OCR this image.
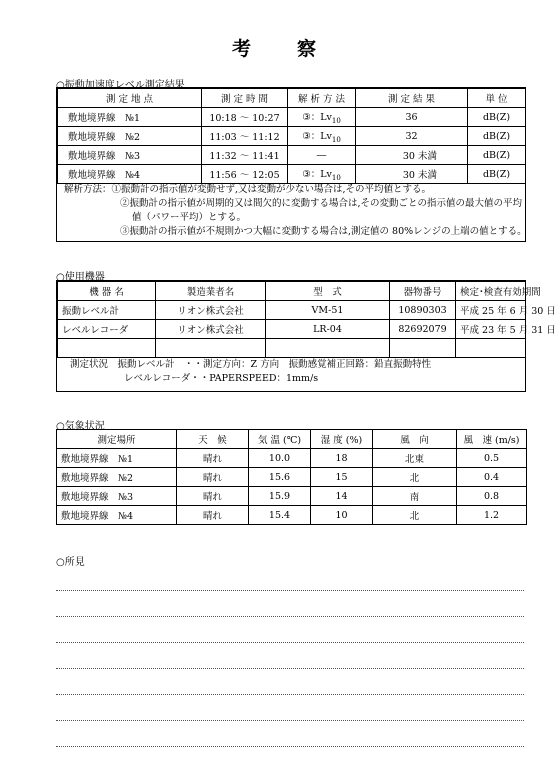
考 察
○振動加速度レベル測定結果
測 定 地 点	測 定 時 間	解 析 方 法	測 定 結 果	単 位
敷地境界線　№1	10:18 ～ 10:27	③：$Lv_{10}$	36	dB(Z)
敷地境界線　№2	11:03 ～ 11:12	③：$Lv_{10}$	32	dB(Z)
敷地境界線　№3	11:32 ～ 11:41	―	30 未満	dB(Z)
敷地境界線　№4	11:56 ～ 12:05	③：$Lv_{10}$	30 未満	dB(Z)
解析方法：①振動計の指示値が変動せず,又は変動が少ない場合は,その平均値とする。
②振動計の指示値が周期的又は間欠的に変動する場合は,その変動ごとの指示値の最大値の平均
値（パワー平均）とする。
③振動計の指示値が不規則かつ大幅に変動する場合は,測定値の 80%レンジの上端の値とする。
○使用機器
機 器 名	製造業者名	型　式	器物番号	検定･検査有効期間
振動レベル計	リオン株式会社	VM-51	10890303	平成 25 年 6 月 30 日
レベルレコーダ	リオン株式会社	LR-04	82692079	平成 23 年 5 月 31 日

測定状況　振動レベル計　・・測定方向：Z 方向　振動感覚補正回路：鉛直振動特性
レベルレコーダ・・PAPERSPEED：1mm/s
○気象状況
測定場所	天　候	気 温 (℃)	湿 度 (%)	風　向	風　速 (m/s)
敷地境界線　№1	晴れ	10.0	18	北東	0.5
敷地境界線　№2	晴れ	15.6	15	北	0.4
敷地境界線　№3	晴れ	15.9	14	南	0.8
敷地境界線　№4	晴れ	15.4	10	北	1.2
○所見
